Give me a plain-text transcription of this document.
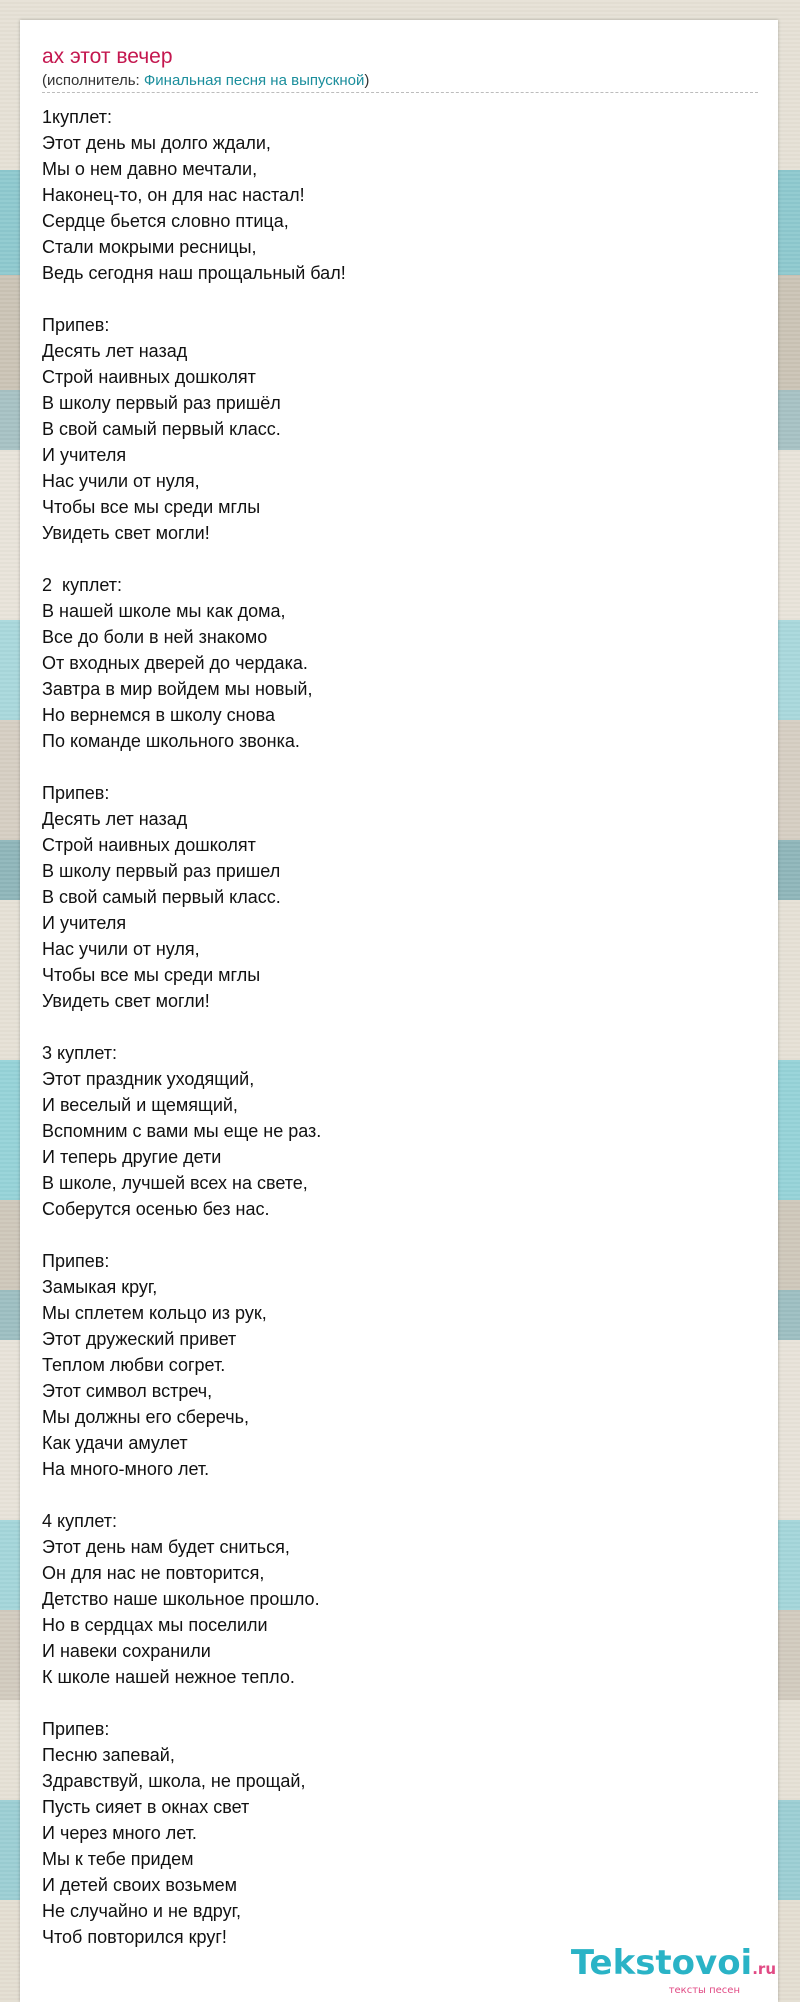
ах этот вечер
(исполнитель: Финальная песня на выпускной)
1куплет:
Этот день мы долго ждали,
Мы о нем давно мечтали,
Наконец-то, он для нас настал!
Сердце бьется словно птица,
Стали мокрыми ресницы,
Ведь сегодня наш прощальный бал!

Припев:
Десять лет назад
Строй наивных дошколят
В школу первый раз пришёл
В свой самый первый класс.
И учителя
Нас учили от нуля,
Чтобы все мы среди мглы
Увидеть свет могли!

2  куплет:
В нашей школе мы как дома,
Все до боли в ней знакомо
От входных дверей до чердака.
Завтра в мир войдем мы новый,
Но вернемся в школу снова
По команде школьного звонка.

Припев:
Десять лет назад
Строй наивных дошколят
В школу первый раз пришел
В свой самый первый класс.
И учителя
Нас учили от нуля,
Чтобы все мы среди мглы
Увидеть свет могли!

3 куплет:
Этот праздник уходящий,
И веселый и щемящий,
Вспомним с вами мы еще не раз.
И теперь другие дети
В школе, лучшей всех на свете,
Соберутся осенью без нас.

Припев:
Замыкая круг,
Мы сплетем кольцо из рук,
Этот дружеский привет
Теплом любви согрет.
Этот символ встреч,
Мы должны его сберечь,
Как удачи амулет
На много-много лет.

4 куплет:
Этот день нам будет сниться,
Он для нас не повторится,
Детство наше школьное прошло.
Но в сердцах мы поселили
И навеки сохранили
К школе нашей нежное тепло.

Припев:
Песню запевай,
Здравствуй, школа, не прощай,
Пусть сияет в окнах свет
И через много лет.
Мы к тебе придем
И детей своих возьмем
Не случайно и не вдруг,
Чтоб повторился круг!
Tekstovoi.ru
тексты песен
